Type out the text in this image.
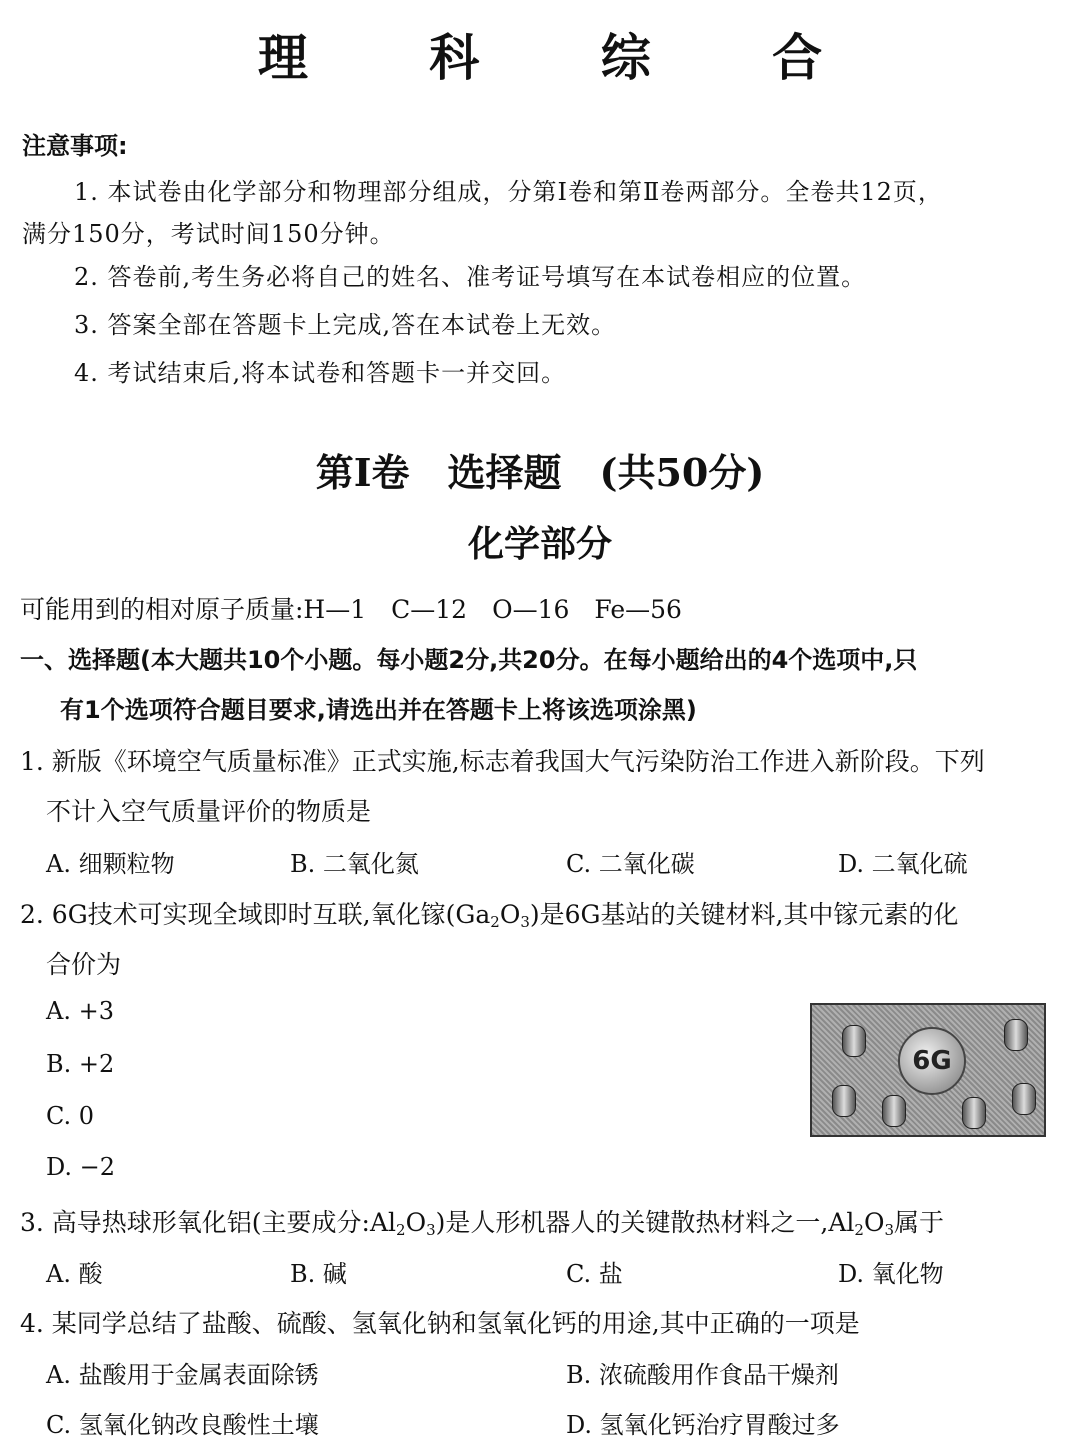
理 科 综 合
注意事项:
1. 本试卷由化学部分和物理部分组成，分第Ⅰ卷和第Ⅱ卷两部分。全卷共12页，
满分150分，考试时间150分钟。
2. 答卷前,考生务必将自己的姓名、准考证号填写在本试卷相应的位置。
3. 答案全部在答题卡上完成,答在本试卷上无效。
4. 考试结束后,将本试卷和答题卡一并交回。
第Ⅰ卷　选择题　(共50分)
化学部分
可能用到的相对原子质量:H—1　C—12　O—16　Fe—56
一、选择题(本大题共10个小题。每小题2分,共20分。在每小题给出的4个选项中,只
有1个选项符合题目要求,请选出并在答题卡上将该选项涂黑)
1. 新版《环境空气质量标准》正式实施,标志着我国大气污染防治工作进入新阶段。下列
不计入空气质量评价的物质是
A. 细颗粒物	B. 二氧化氮	C. 二氧化碳	D. 二氧化硫
2. 6G技术可实现全域即时互联,氧化镓$(Ga_2O_3)$是6G基站的关键材料,其中镓元素的化
合价为
A. +3
B. +2
C. 0
D. −2
6G
3. 高导热球形氧化铝(主要成分$:Al_2O_3$)是人形机器人的关键散热材料之一$,Al_2O_3$属于
A. 酸	B. 碱	C. 盐	D. 氧化物
4. 某同学总结了盐酸、硫酸、氢氧化钠和氢氧化钙的用途,其中正确的一项是
A. 盐酸用于金属表面除锈	B. 浓硫酸用作食品干燥剂
C. 氢氧化钠改良酸性土壤	D. 氢氧化钙治疗胃酸过多
